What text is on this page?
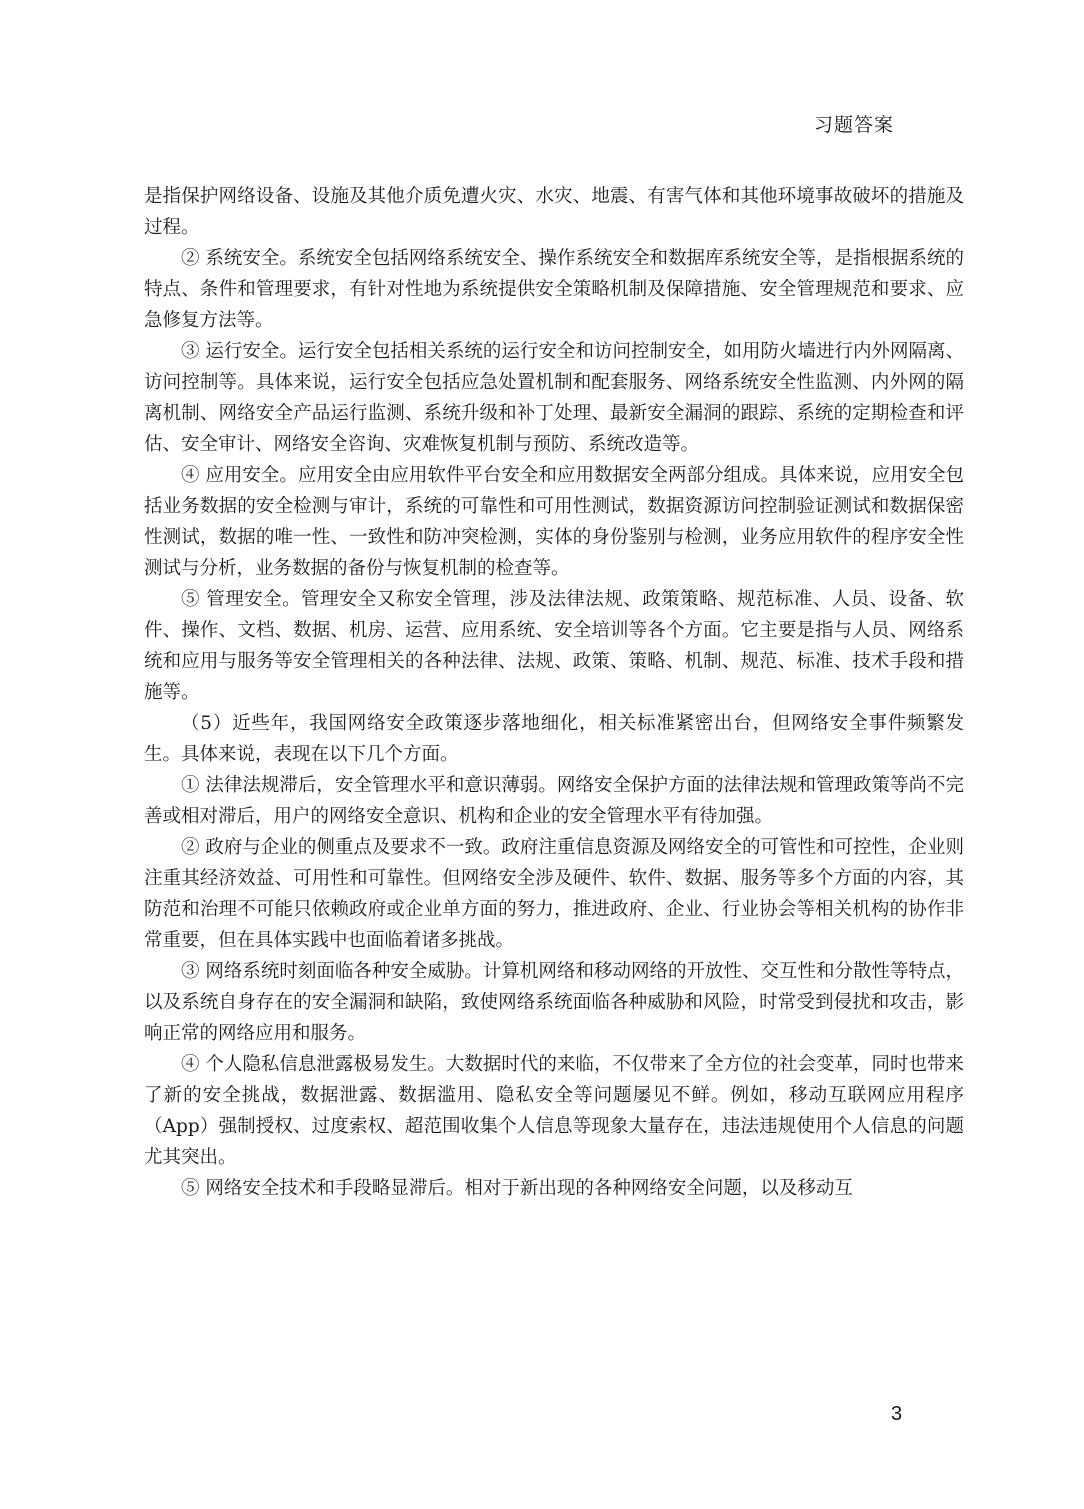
习题答案

是指保护网络设备、设施及其他介质免遭火灾、水灾、地震、有害气体和其他环境事故破坏的措施及过程。

② 系统安全。系统安全包括网络系统安全、操作系统安全和数据库系统安全等，是指根据系统的特点、条件和管理要求，有针对性地为系统提供安全策略机制及保障措施、安全管理规范和要求、应急修复方法等。

③ 运行安全。运行安全包括相关系统的运行安全和访问控制安全，如用防火墙进行内外网隔离、访问控制等。具体来说，运行安全包括应急处置机制和配套服务、网络系统安全性监测、内外网的隔离机制、网络安全产品运行监测、系统升级和补丁处理、最新安全漏洞的跟踪、系统的定期检查和评估、安全审计、网络安全咨询、灾难恢复机制与预防、系统改造等。

④ 应用安全。应用安全由应用软件平台安全和应用数据安全两部分组成。具体来说，应用安全包括业务数据的安全检测与审计，系统的可靠性和可用性测试，数据资源访问控制验证测试和数据保密性测试，数据的唯一性、一致性和防冲突检测，实体的身份鉴别与检测，业务应用软件的程序安全性测试与分析，业务数据的备份与恢复机制的检查等。

⑤ 管理安全。管理安全又称安全管理，涉及法律法规、政策策略、规范标准、人员、设备、软件、操作、文档、数据、机房、运营、应用系统、安全培训等各个方面。它主要是指与人员、网络系统和应用与服务等安全管理相关的各种法律、法规、政策、策略、机制、规范、标准、技术手段和措施等。

（5）近些年，我国网络安全政策逐步落地细化，相关标准紧密出台，但网络安全事件频繁发生。具体来说，表现在以下几个方面。

① 法律法规滞后，安全管理水平和意识薄弱。网络安全保护方面的法律法规和管理政策等尚不完善或相对滞后，用户的网络安全意识、机构和企业的安全管理水平有待加强。

② 政府与企业的侧重点及要求不一致。政府注重信息资源及网络安全的可管性和可控性，企业则注重其经济效益、可用性和可靠性。但网络安全涉及硬件、软件、数据、服务等多个方面的内容，其防范和治理不可能只依赖政府或企业单方面的努力，推进政府、企业、行业协会等相关机构的协作非常重要，但在具体实践中也面临着诸多挑战。

③ 网络系统时刻面临各种安全威胁。计算机网络和移动网络的开放性、交互性和分散性等特点，以及系统自身存在的安全漏洞和缺陷，致使网络系统面临各种威胁和风险，时常受到侵扰和攻击，影响正常的网络应用和服务。

④ 个人隐私信息泄露极易发生。大数据时代的来临，不仅带来了全方位的社会变革，同时也带来了新的安全挑战，数据泄露、数据滥用、隐私安全等问题屡见不鲜。例如，移动互联网应用程序（App）强制授权、过度索权、超范围收集个人信息等现象大量存在，违法违规使用个人信息的问题尤其突出。

⑤ 网络安全技术和手段略显滞后。相对于新出现的各种网络安全问题，以及移动互

3
